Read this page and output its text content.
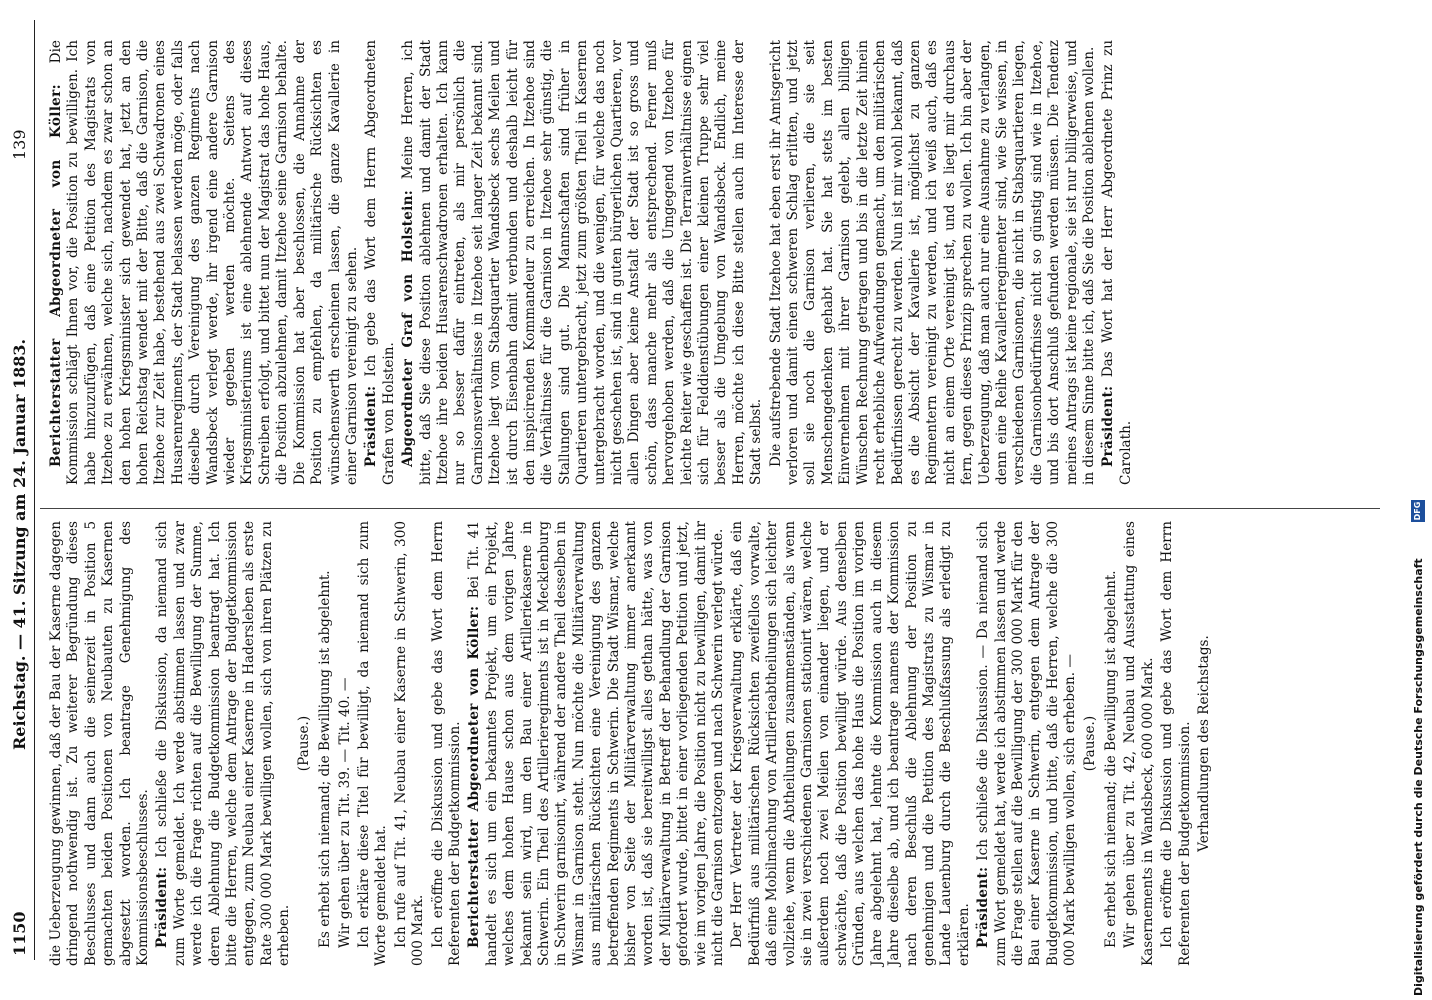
1150
Reichstag. — 41. Sitzung am 24. Januar 1883.
139

die Ueberzeugung gewinnen, daß der Bau der Kaserne dagegen dringend nothwendig ist. Zu weiterer Begründung dieses Beschlusses und dann auch die seinerzeit in Position 5 gemachten beiden Positionen von Neubauten zu Kasernen abgesetzt worden. Ich beantrage Genehmigung des Kommissionsbeschlusses. Präsident: Ich schließe die Diskussion, da niemand sich zum Worte gemeldet. Ich werde abstimmen lassen und zwar werde ich die Frage richten auf die Bewilligung der Summe, deren Ablehnung die Budgetkommission beantragt hat. Ich bitte die Herren, welche dem Antrage der Budgetkommission entgegen, zum Neubau einer Kaserne in Hadersleben als erste Rate 300 000 Mark bewilligen wollen, sich von ihren Plätzen zu erheben.

(Pause.) Es erhebt sich niemand; die Bewilligung ist abgelehnt. Wir gehen über zu Tit. 39. — Tit. 40. — Ich erkläre diese Titel für bewilligt, da niemand sich zum Worte gemeldet hat. Ich rufe auf Tit. 41, Neubau einer Kaserne in Schwerin, 300 000 Mark. Ich eröffne die Diskussion und gebe das Wort dem Herrn Referenten der Budgetkommission. Berichterstatter Abgeordneter von Köller: Bei Tit. 41 handelt es sich um ein bekanntes Projekt, um ein Projekt, welches dem hohen Hause schon aus dem vorigen Jahre bekannt sein wird, um den Bau einer Artilleriekaserne in Schwerin. Ein Theil des Artillerieregiments ist in Mecklenburg in Schwerin garnisonirt, während der andere Theil desselben in Wismar in Garnison steht. Nun möchte die Militärverwaltung aus militärischen Rücksichten eine Vereinigung des ganzen betreffenden Regiments in Schwerin. Die Stadt Wismar, welche bisher von Seite der Militärverwaltung immer anerkannt worden ist, daß sie bereitwilligst alles gethan hätte, was von der Militärverwaltung in Betreff der Behandlung der Garnison gefordert wurde, bittet in einer vorliegenden Petition und jetzt, wie im vorigen Jahre, die Position nicht zu bewilligen, damit ihr nicht die Garnison entzogen und nach Schwerin verlegt würde. Der Herr Vertreter der Kriegsverwaltung erklärte, daß ein Bedürfniß aus militärischen Rücksichten zweifellos vorwalte, daß eine Mobilmachung von Artillerieabtheilungen sich leichter vollziehe, wenn die Abtheilungen zusammenständen, als wenn sie in zwei verschiedenen Garnisonen stationirt wären, welche außerdem noch zwei Meilen von einander liegen, und er schwächte, daß die Position bewilligt würde. Aus denselben Gründen, aus welchen das hohe Haus die Position im vorigen Jahre abgelehnt hat, lehnte die Kommission auch in diesem Jahre dieselbe ab, und ich beantrage namens der Kommission nach deren Beschluß die Ablehnung der Position zu genehmigen und die Petition des Magistrats zu Wismar in Lande Lauenburg durch die Beschlußfassung als erledigt zu erklären. Präsident: Ich schließe die Diskussion. — Da niemand sich zum Wort gemeldet hat, werde ich abstimmen lassen und werde die Frage stellen auf die Bewilligung der 300 000 Mark für den Bau einer Kaserne in Schwerin, entgegen dem Antrage der Budgetkommission, und bitte, daß die Herren, welche die 300 000 Mark bewilligen wollen, sich erheben. — (Pause.) Es erhebt sich niemand; die Bewilligung ist abgelehnt. Wir gehen über zu Tit. 42, Neubau und Ausstattung eines Kasernements in Wandsbeck, 600 000 Mark. Ich eröffne die Diskussion und gebe das Wort dem Herrn Referenten der Budgetkommission. Verhandlungen des Reichstags.

Berichterstatter Abgeordneter von Köller: Die Kommission schlägt Ihnen vor, die Position zu bewilligen. Ich habe hinzuzufügen, daß eine Petition des Magistrats von Itzehoe zu erwähnen, welche sich, nachdem es zwar schon an den hohen Kriegsminister sich gewendet hat, jetzt an den hohen Reichstag wendet mit der Bitte, daß die Garnison, die Itzehoe zur Zeit habe, bestehend aus zwei Schwadronen eines Husarenregiments, der Stadt belassen werden möge, oder falls dieselbe durch Vereinigung des ganzen Regiments nach Wandsbeck verlegt werde, ihr irgend eine andere Garnison wieder gegeben werden möchte. Seitens des Kriegsministeriums ist eine ablehnende Antwort auf dieses Schreiben erfolgt, und bittet nun der Magistrat das hohe Haus, die Position abzulehnen, damit Itzehoe seine Garnison behalte. Die Kommission hat aber beschlossen, die Annahme der Position zu empfehlen, da militärische Rücksichten es wünschenswerth erscheinen lassen, die ganze Kavallerie in einer Garnison vereinigt zu sehen. Präsident: Ich gebe das Wort dem Herrn Abgeordneten Grafen von Holstein. Abgeordneter Graf von Holstein: Meine Herren, ich bitte, daß Sie diese Position ablehnen und damit der Stadt Itzehoe ihre beiden Husarenschwadronen erhalten. Ich kann nur so besser dafür eintreten, als mir persönlich die Garnisonsverhältnisse in Itzehoe seit langer Zeit bekannt sind. Itzehoe liegt vom Stabsquartier Wandsbeck sechs Meilen und ist durch Eisenbahn damit verbunden und deshalb leicht für den inspicirenden Kommandeur zu erreichen. In Itzehoe sind die Verhältnisse für die Garnison in Itzehoe sehr günstig, die Stallungen sind gut. Die Mannschaften sind früher in Quartieren untergebracht, jetzt zum größten Theil in Kasernen untergebracht worden, und die wenigen, für welche das noch nicht geschehen ist, sind in guten bürgerlichen Quartieren, vor allen Dingen aber keine Anstalt der Stadt ist so gross und schön, dass manche mehr als entsprechend. Ferner muß hervorgehoben werden, daß die Umgegend von Itzehoe für leichte Reiter wie geschaffen ist. Die Terrainverhältnisse eignen sich für Felddienstübungen einer kleinen Truppe sehr viel besser als die Umgebung von Wandsbeck. Endlich, meine Herren, möchte ich diese Bitte stellen auch im Interesse der Stadt selbst. Die aufstrebende Stadt Itzehoe hat eben erst ihr Amtsgericht verloren und damit einen schweren Schlag erlitten, und jetzt soll sie noch die Garnison verlieren, die sie seit Menschengedenken gehabt hat. Sie hat stets im besten Einvernehmen mit ihrer Garnison gelebt, allen billigen Wünschen Rechnung getragen und bis in die letzte Zeit hinein recht erhebliche Aufwendungen gemacht, um den militärischen Bedürfnissen gerecht zu werden. Nun ist mir wohl bekannt, daß es die Absicht der Kavallerie ist, möglichst zu ganzen Regimentern vereinigt zu werden, und ich weiß auch, daß es nicht an einem Orte vereinigt ist, und es liegt mir durchaus fern, gegen dieses Prinzip sprechen zu wollen. Ich bin aber der Ueberzeugung, daß man auch nur eine Ausnahme zu verlangen, denn eine Reihe Kavallerieregimenter sind, wie Sie wissen, in verschiedenen Garnisonen, die nicht in Stabsquartieren liegen, die Garnisonbedürfnisse nicht so günstig sind wie in Itzehoe, und bis dort Anschluß gefunden werden müssen. Die Tendenz meines Antrags ist keine regionale, sie ist nur billigerweise, und in diesem Sinne bitte ich, daß Sie die Position ablehnen wollen. Präsident: Das Wort hat der Herr Abgeordnete Prinz zu Carolath.

Digitalisierung gefördert durch die Deutsche Forschungsgemeinschaft
DFG
